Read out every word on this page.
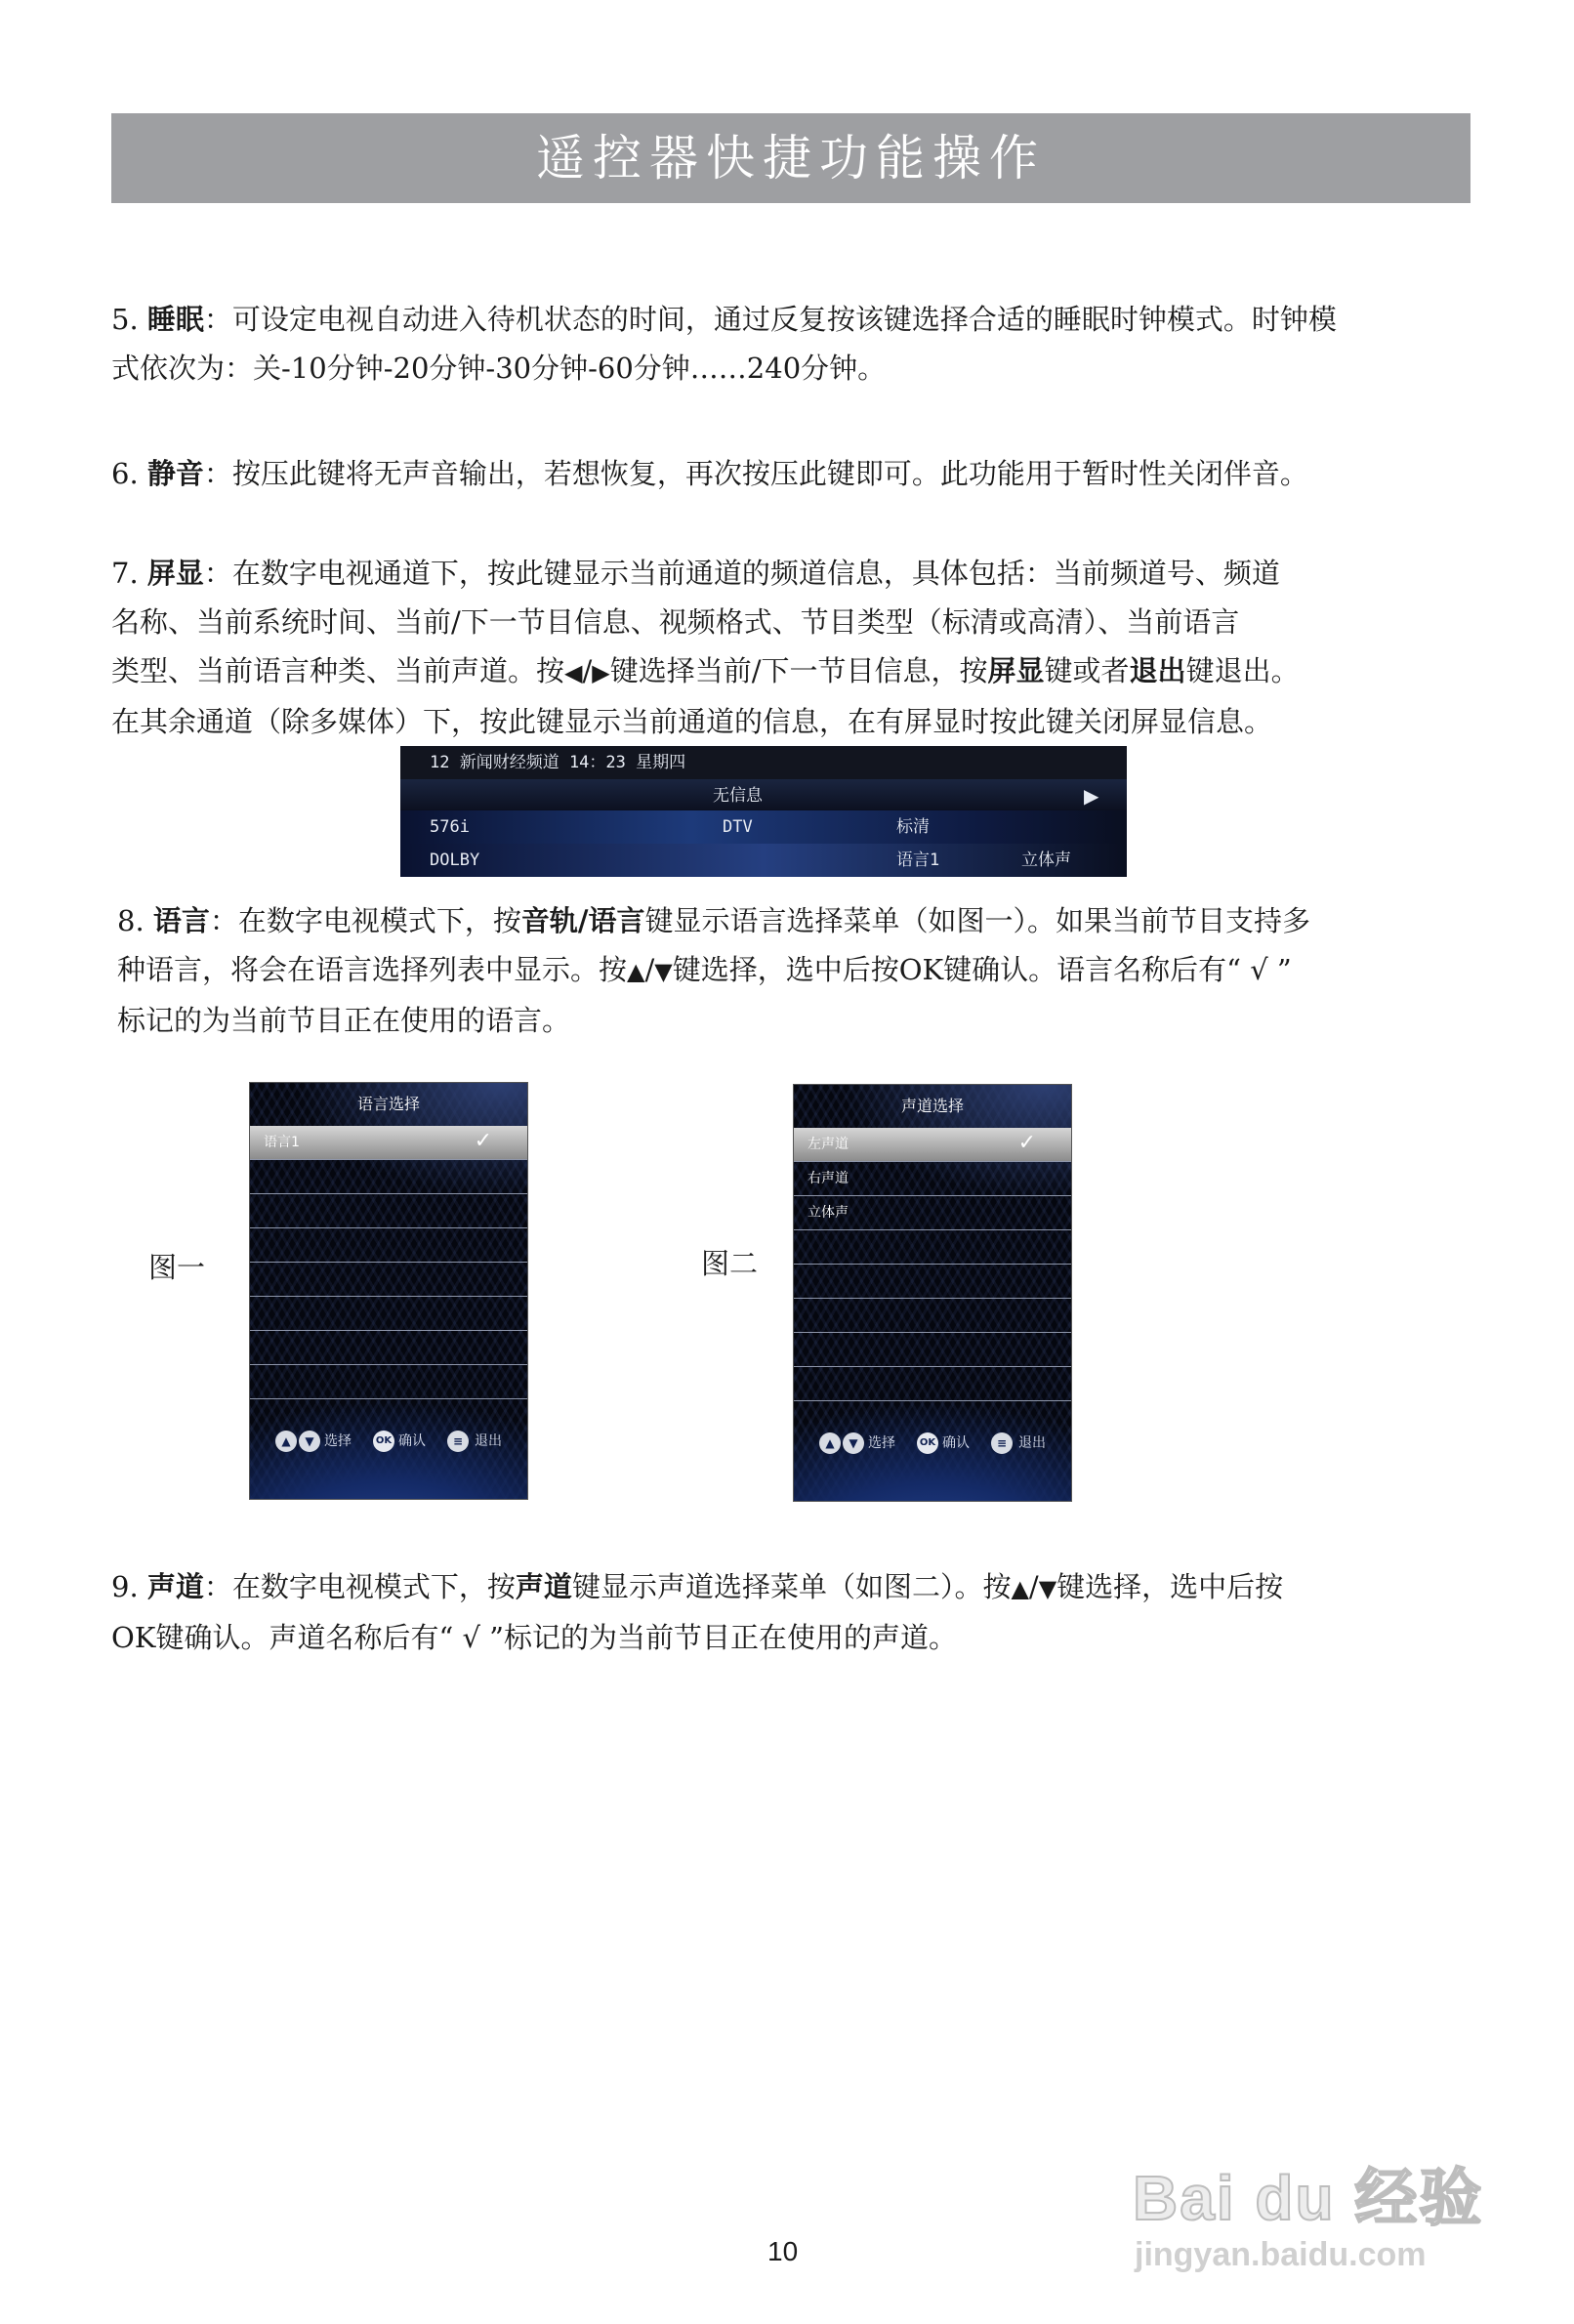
遥控器快捷功能操作
5. 睡眠：可设定电视自动进入待机状态的时间，通过反复按该键选择合适的睡眠时钟模式。时钟模
式依次为：关-10分钟-20分钟-30分钟-60分钟……240分钟。
6. 静音：按压此键将无声音输出，若想恢复，再次按压此键即可。此功能用于暂时性关闭伴音。
7. 屏显：在数字电视通道下，按此键显示当前通道的频道信息，具体包括：当前频道号、频道
名称、当前系统时间、当前/下一节目信息、视频格式、节目类型（标清或高清）、当前语言
类型、当前语言种类、当前声道。按◀/▶键选择当前/下一节目信息，按屏显键或者退出键退出。
在其余通道（除多媒体）下，按此键显示当前通道的信息，在有屏显时按此键关闭屏显信息。
12 新闻财经频道 14：23 星期四
无信息	▶
576i	DTV	标清
DOLBY	语言1	立体声
8. 语言：在数字电视模式下，按音轨/语言键显示语言选择菜单（如图一）。如果当前节目支持多
种语言，将会在语言选择列表中显示。按▲/▼键选择，选中后按OK键确认。语言名称后有“ √ ”
标记的为当前节目正在使用的语言。
图一
语言选择
语言1	✓
▲	▼ 选择 OK 确认	≡ 退出
图二
声道选择
左声道	✓
右声道
立体声
▲	▼ 选择 OK 确认	≡ 退出
9. 声道：在数字电视模式下，按声道键显示声道选择菜单（如图二）。按▲/▼键选择，选中后按
OK键确认。声道名称后有“ √ ”标记的为当前节目正在使用的声道。
10
Bai du 经验
jingyan.baidu.com
